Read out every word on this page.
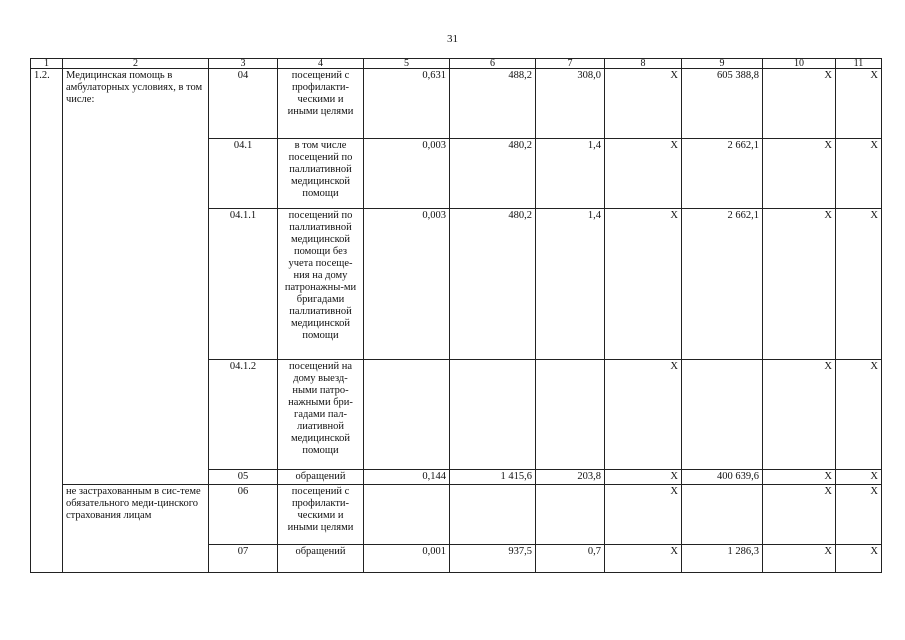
31
1	2	3	4	5	6	7	8	9	10	11
1.2.	Медицинская помощь в амбулаторных условиях, в том числе:	04	посещений с профилакти-ческими и иными целями	0,631	488,2	308,0	Х	605 388,8	Х	Х
		04.1	в том числе посещений по паллиативной медицинской помощи	0,003	480,2	1,4	Х	2 662,1	Х	Х
		04.1.1	посещений по паллиативной медицинской помощи без учета посеще-ния на дому патронажны-ми бригадами паллиативной медицинской помощи	0,003	480,2	1,4	Х	2 662,1	Х	Х
		04.1.2	посещений на дому выезд-ными патро-нажными бри-гадами пал-лиативной медицинской помощи				Х		Х	Х
		05	обращений	0,144	1 415,6	203,8	Х	400 639,6	Х	Х
	не застрахованным в сис-теме обязательного меди-цинского страхования лицам	06	посещений с профилакти-ческими и иными целями				Х		Х	Х
		07	обращений	0,001	937,5	0,7	Х	1 286,3	Х	Х
